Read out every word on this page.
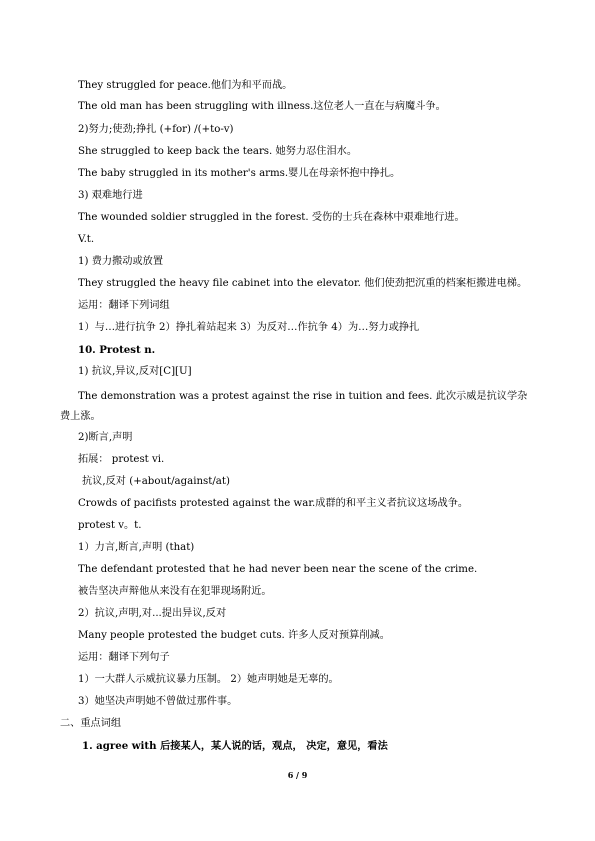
They struggled for peace.他们为和平而战。
The old man has been struggling with illness.这位老人一直在与病魔斗争。
2)努力;使劲;挣扎 (+for) /(+to-v)
She struggled to keep back the tears. 她努力忍住泪水。
The baby struggled in its mother's arms.婴儿在母亲怀抱中挣扎。
3) 艰难地行进
The wounded soldier struggled in the forest. 受伤的士兵在森林中艰难地行进。
V.t.
1) 费力搬动或放置
They struggled the heavy file cabinet into the elevator. 他们使劲把沉重的档案柜搬进电梯。
运用：翻译下列词组
1）与…进行抗争 2）挣扎着站起来 3）为反对…作抗争 4）为…努力或挣扎
10. Protest n.
1) 抗议,异议,反对[C][U]
The demonstration was a protest against the rise in tuition and fees. 此次示威是抗议学杂费上涨。
2)断言,声明
拓展： protest vi.
抗议,反对 (+about/against/at)
Crowds of pacifists protested against the war.成群的和平主义者抗议这场战争。
protest v。t.
1）力言,断言,声明 (that)
The defendant protested that he had never been near the scene of the crime.
被告坚决声辩他从来没有在犯罪现场附近。
2）抗议,声明,对...提出异议,反对
Many people protested the budget cuts. 许多人反对预算削减。
运用：翻译下列句子
1）一大群人示威抗议暴力压制。 2）她声明她是无辜的。
3）她坚决声明她不曾做过那件事。
二、重点词组
1. agree with 后接某人，某人说的话，观点， 决定，意见，看法
6 / 9
